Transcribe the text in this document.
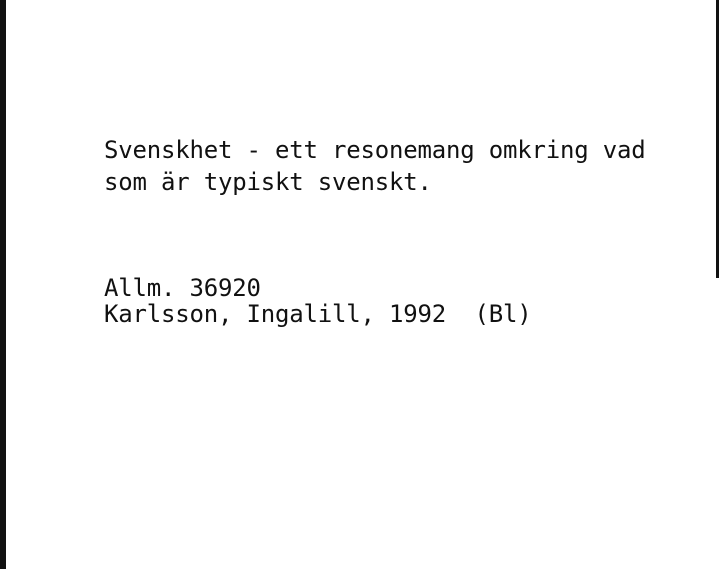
Svenskhet - ett resonemang omkring vad
som är typiskt svenskt.
Allm. 36920
Karlsson, Ingalill, 1992  (Bl)
